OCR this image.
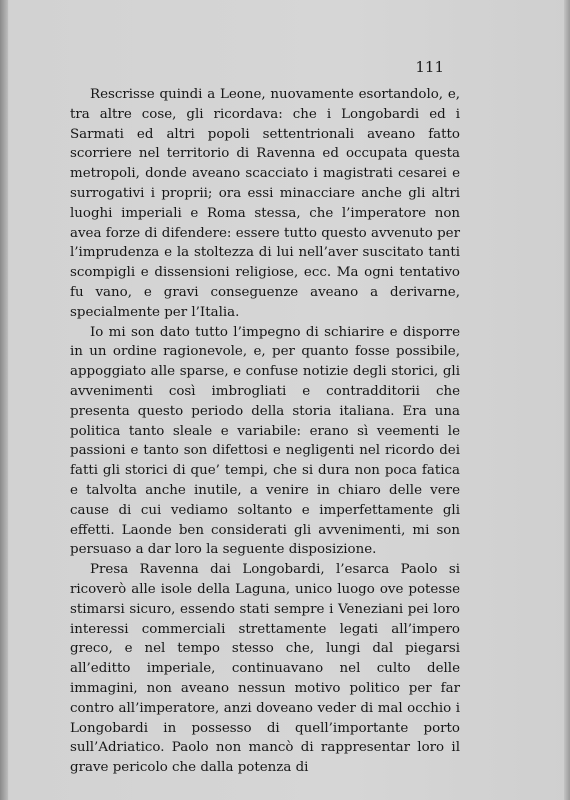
111

Rescrisse quindi a Leone, nuovamente esortandolo, e, tra altre cose, gli ricordava: che i Longobardi ed i Sarmati ed altri popoli settentrionali aveano fatto scorriere nel territorio di Ravenna ed occupata questa metropoli, donde aveano scacciato i magistrati cesarei e surrogativi i proprii; ora essi minacciare anche gli altri luoghi imperiali e Roma stessa, che l’imperatore non avea forze di difendere: essere tutto questo avvenuto per l’imprudenza e la stoltezza di lui nell’aver suscitato tanti scompigli e dissensioni religiose, ecc. Ma ogni tentativo fu vano, e gravi conseguenze aveano a derivarne, specialmente per l’Italia.

Io mi son dato tutto l’impegno di schiarire e disporre in un ordine ragionevole, e, per quanto fosse possibile, appoggiato alle sparse, e confuse notizie degli storici, gli avvenimenti così imbrogliati e contradditorii che presenta questo periodo della storia italiana. Era una politica tanto sleale e variabile: erano sì veementi le passioni e tanto son difettosi e negligenti nel ricordo dei fatti gli storici di que’ tempi, che si dura non poca fatica e talvolta anche inutile, a venire in chiaro delle vere cause di cui vediamo soltanto e imperfettamente gli effetti. Laonde ben considerati gli avvenimenti, mi son persuaso a dar loro la seguente disposizione.

Presa Ravenna dai Longobardi, l’esarca Paolo si ricoverò alle isole della Laguna, unico luogo ove potesse stimarsi sicuro, essendo stati sempre i Veneziani pei loro interessi commerciali strettamente legati all’impero greco, e nel tempo stesso che, lungi dal piegarsi all’editto imperiale, continuavano nel culto delle immagini, non aveano nessun motivo politico per far contro all’imperatore, anzi doveano veder di mal occhio i Longobardi in possesso di quell’importante porto sull’Adriatico. Paolo non mancò di rappresentar loro il grave pericolo che dalla potenza di
